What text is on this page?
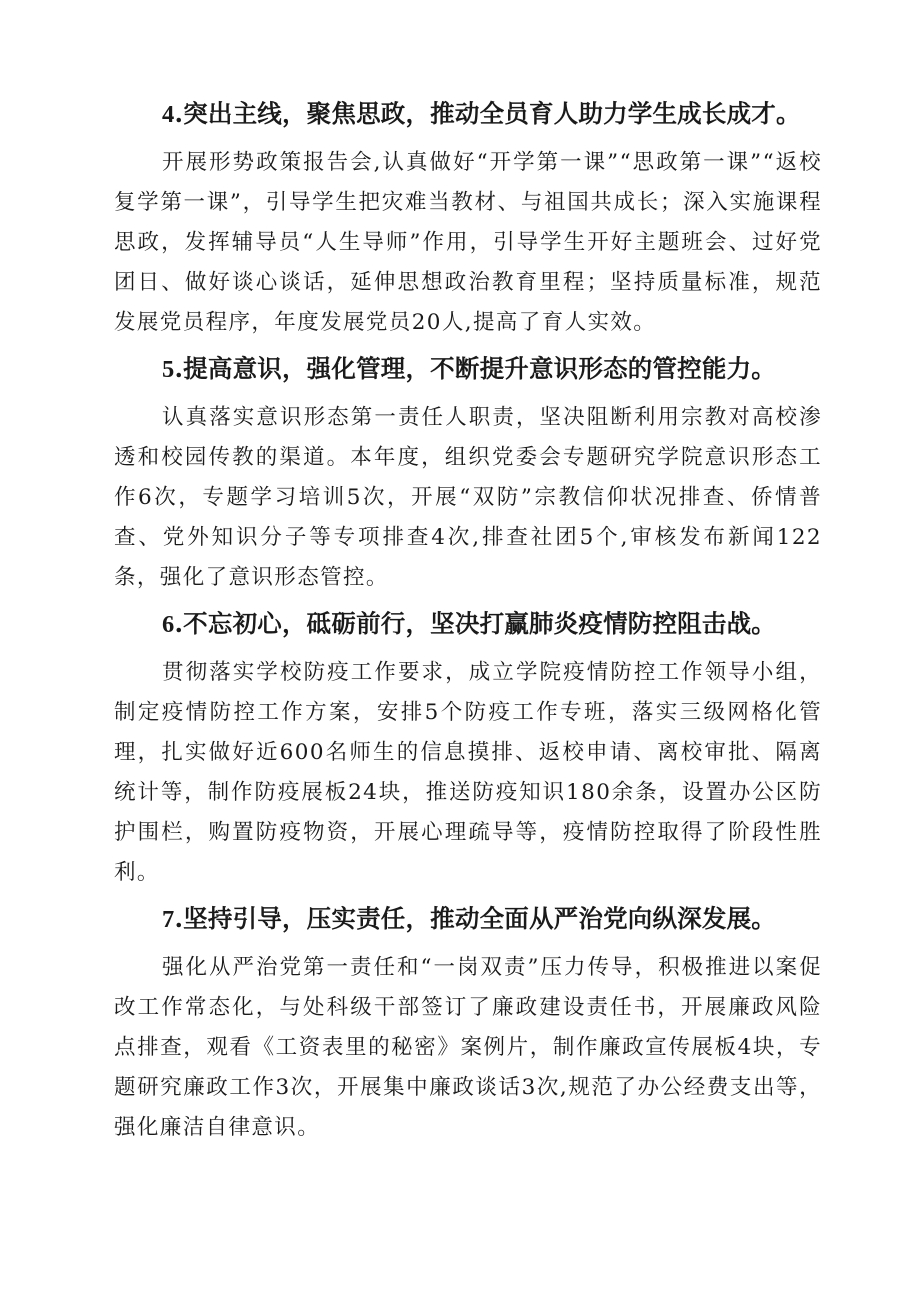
4.突出主线，聚焦思政，推动全员育人助力学生成长成才。

开展形势政策报告会,认真做好“开学第一课”“思政第一课”“返校复学第一课”，引导学生把灾难当教材、与祖国共成长；深入实施课程思政，发挥辅导员“人生导师”作用，引导学生开好主题班会、过好党团日、做好谈心谈话，延伸思想政治教育里程；坚持质量标准，规范发展党员程序，年度发展党员20人,提高了育人实效。

5.提高意识，强化管理，不断提升意识形态的管控能力。

认真落实意识形态第一责任人职责，坚决阻断利用宗教对高校渗透和校园传教的渠道。本年度，组织党委会专题研究学院意识形态工作6次，专题学习培训5次，开展“双防”宗教信仰状况排查、侨情普查、党外知识分子等专项排查4次,排查社团5个,审核发布新闻122条，强化了意识形态管控。

6.不忘初心，砥砺前行，坚决打赢肺炎疫情防控阻击战。

贯彻落实学校防疫工作要求，成立学院疫情防控工作领导小组，制定疫情防控工作方案，安排5个防疫工作专班，落实三级网格化管理，扎实做好近600名师生的信息摸排、返校申请、离校审批、隔离统计等，制作防疫展板24块，推送防疫知识180余条，设置办公区防护围栏，购置防疫物资，开展心理疏导等，疫情防控取得了阶段性胜利。

7.坚持引导，压实责任，推动全面从严治党向纵深发展。

强化从严治党第一责任和“一岗双责”压力传导，积极推进以案促改工作常态化，与处科级干部签订了廉政建设责任书，开展廉政风险点排查，观看《工资表里的秘密》案例片，制作廉政宣传展板4块，专题研究廉政工作3次，开展集中廉政谈话3次,规范了办公经费支出等，强化廉洁自律意识。
